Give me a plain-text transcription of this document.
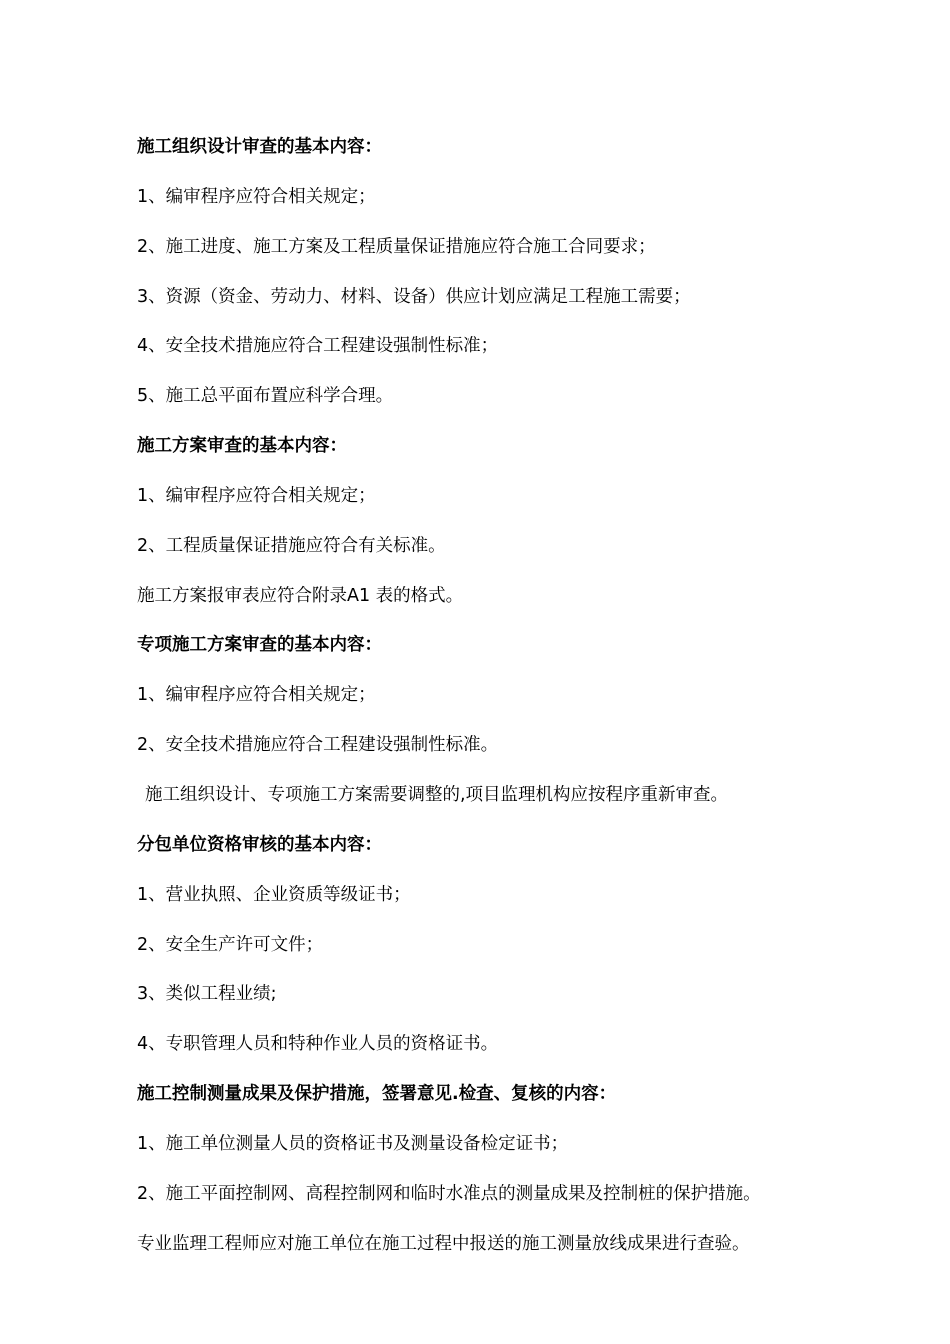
施工组织设计审查的基本内容：
1、编审程序应符合相关规定；
2、施工进度、施工方案及工程质量保证措施应符合施工合同要求；
3、资源（资金、劳动力、材料、设备）供应计划应满足工程施工需要；
4、安全技术措施应符合工程建设强制性标准；
5、施工总平面布置应科学合理。
施工方案审查的基本内容：
1、编审程序应符合相关规定；
2、工程质量保证措施应符合有关标准。
施工方案报审表应符合附录A1 表的格式。
专项施工方案审查的基本内容：
1、编审程序应符合相关规定；
2、安全技术措施应符合工程建设强制性标准。
施工组织设计、专项施工方案需要调整的,项目监理机构应按程序重新审查。
分包单位资格审核的基本内容：
1、营业执照、企业资质等级证书；
2、安全生产许可文件；
3、类似工程业绩;
4、专职管理人员和特种作业人员的资格证书。
施工控制测量成果及保护措施，签署意见.检查、复核的内容：
1、施工单位测量人员的资格证书及测量设备检定证书；
2、施工平面控制网、高程控制网和临时水准点的测量成果及控制桩的保护措施。
专业监理工程师应对施工单位在施工过程中报送的施工测量放线成果进行查验。
